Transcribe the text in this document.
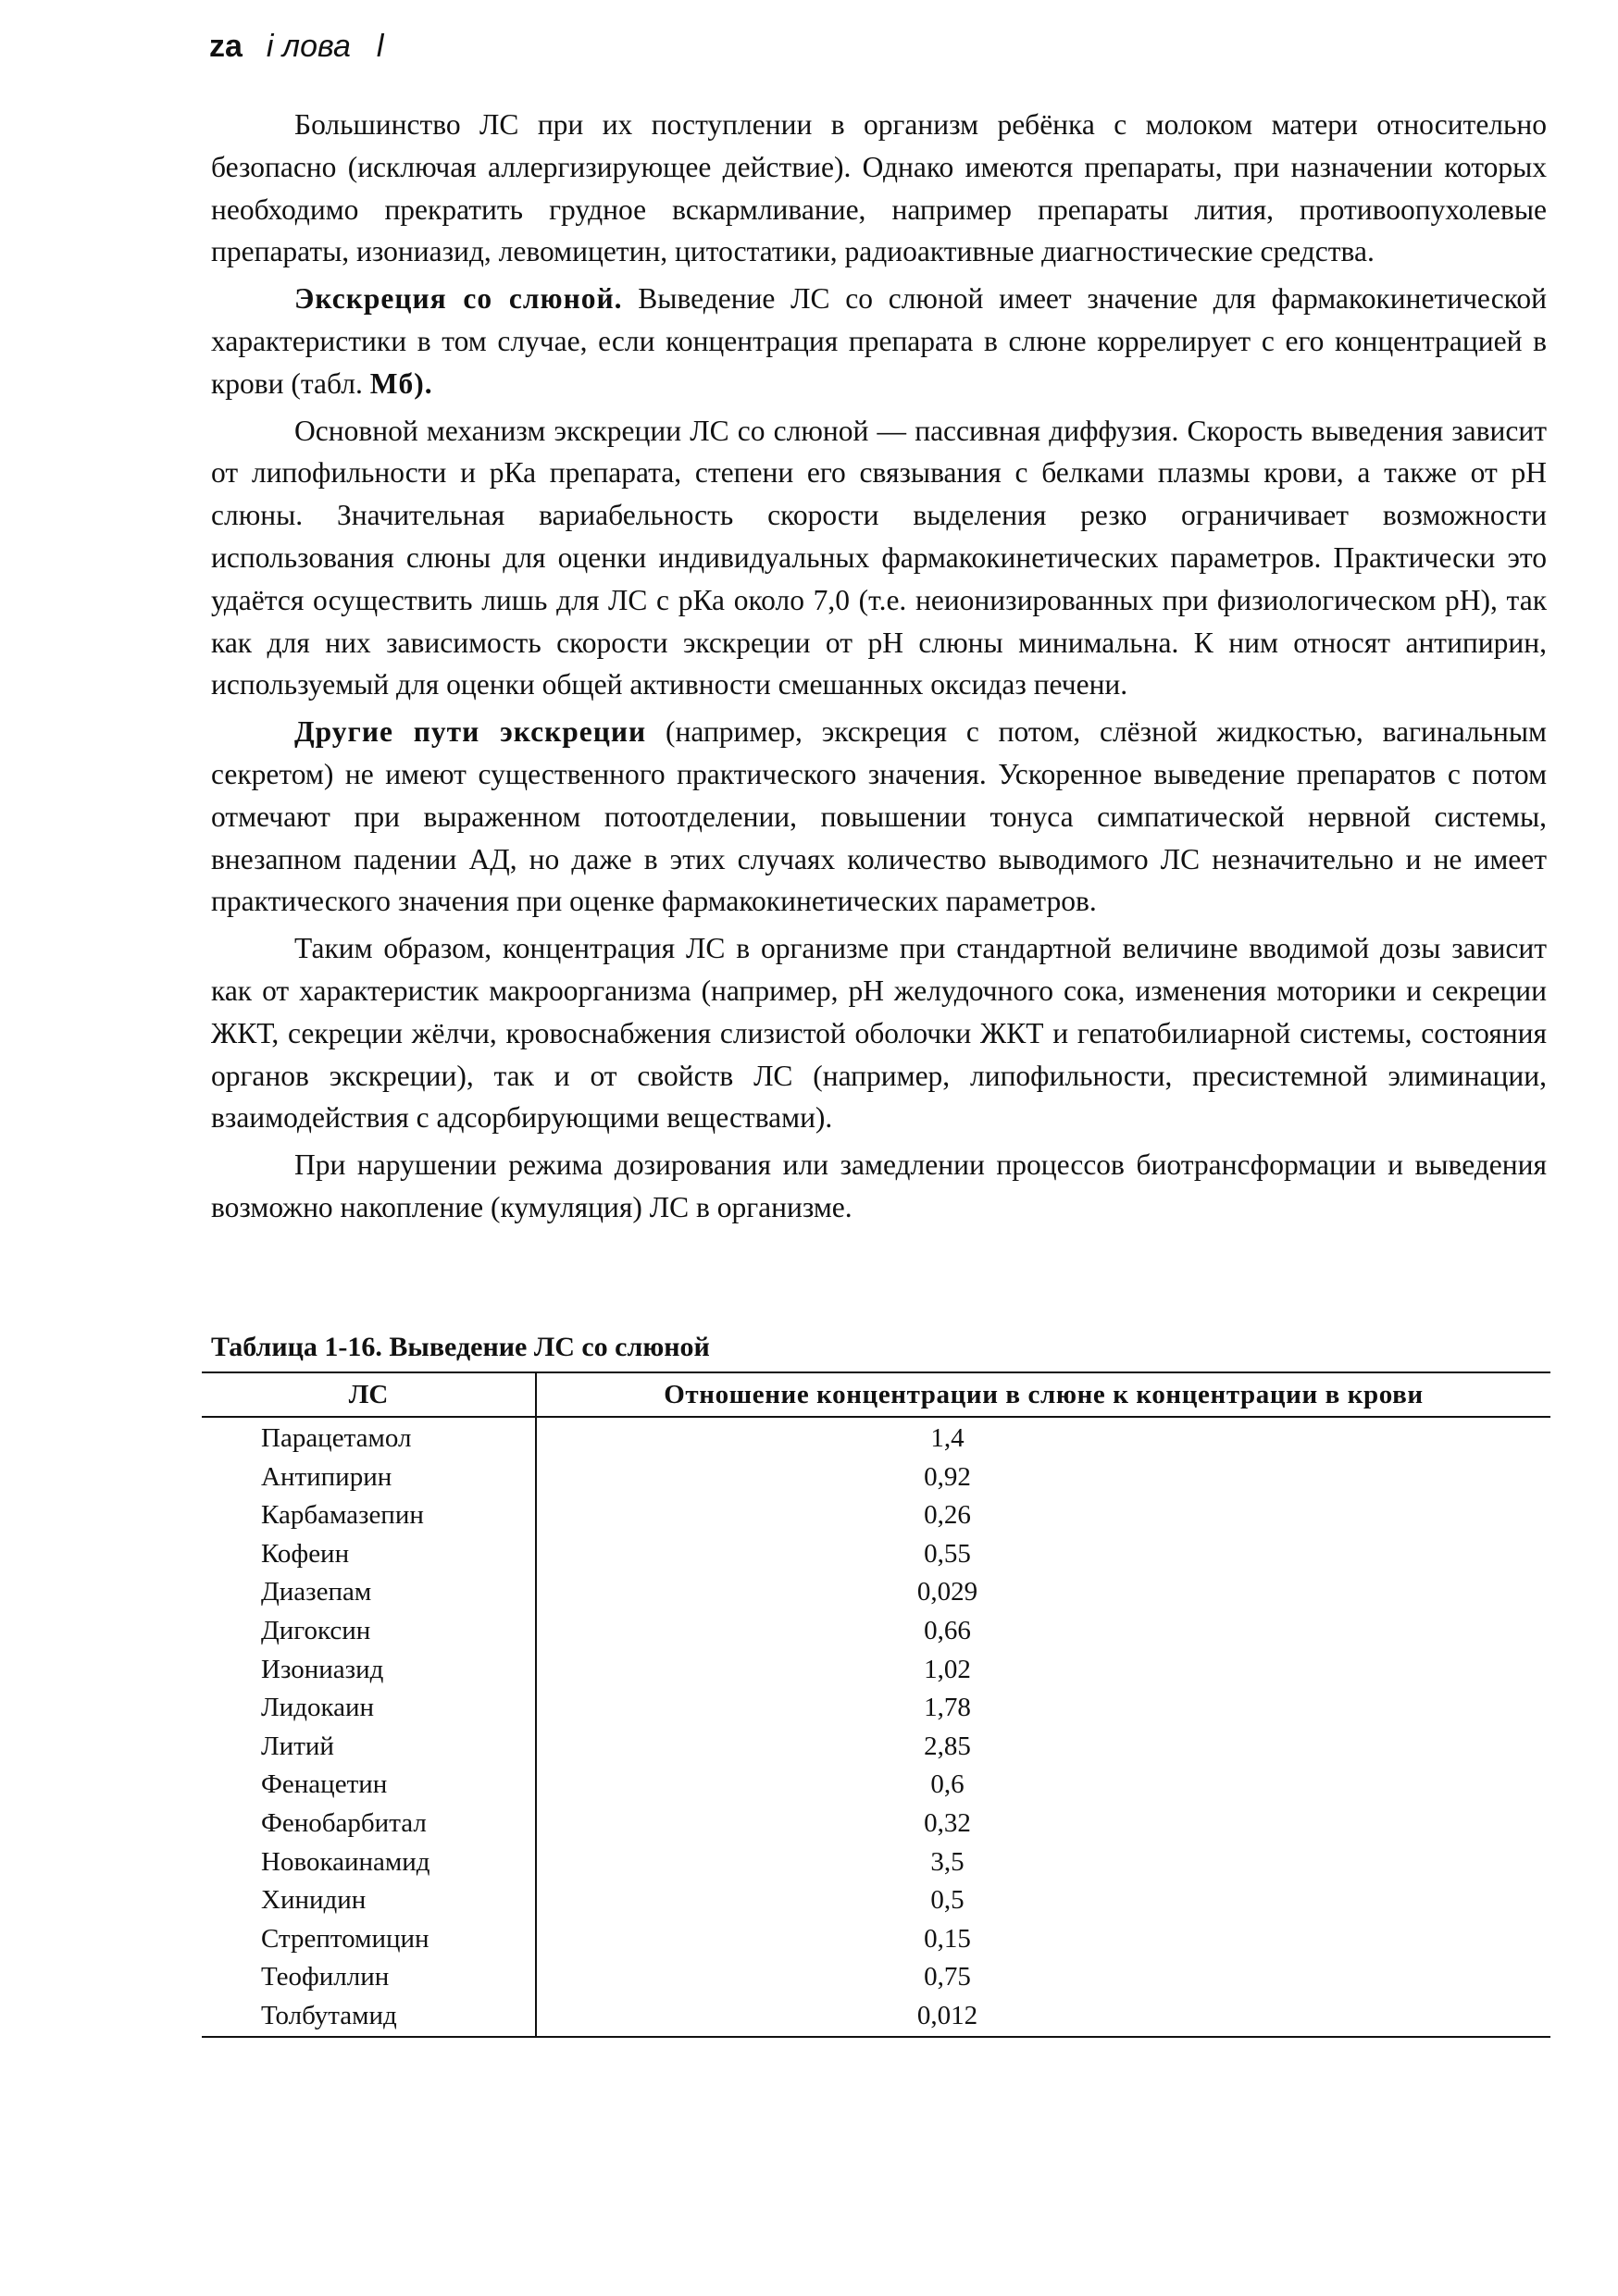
za i лова l

Большинство ЛС при их поступлении в организм ребёнка с молоком матери относительно безопасно (исключая аллергизирующее действие). Однако имеются препараты, при назначении которых необходимо прекратить грудное вскармливание, например препараты лития, противоопухолевые препараты, изониазид, левомицетин, цитостатики, радиоактивные диагностические средства.

Экскреция со слюной. Выведение ЛС со слюной имеет значение для фармакокинетической характеристики в том случае, если концентрация препарата в слюне коррелирует с его концентрацией в крови (табл. Мб).

Основной механизм экскреции ЛС со слюной — пассивная диффузия. Скорость выведения зависит от липофильности и рКа препарата, степени его связывания с белками плазмы крови, а также от рН слюны. Значительная вариабельность скорости выделения резко ограничивает возможности использования слюны для оценки индивидуальных фармакокинетических параметров. Практически это удаётся осуществить лишь для ЛС с рКа около 7,0 (т.е. неионизированных при физиологическом рН), так как для них зависимость скорости экскреции от рН слюны минимальна. К ним относят антипирин, используемый для оценки общей активности смешанных оксидаз печени.

Другие пути экскреции (например, экскреция с потом, слёзной жидкостью, вагинальным секретом) не имеют существенного практического значения. Ускоренное выведение препаратов с потом отмечают при выраженном потоотделении, повышении тонуса симпатической нервной системы, внезапном падении АД, но даже в этих случаях количество выводимого ЛС незначительно и не имеет практического значения при оценке фармакокинетических параметров.

Таким образом, концентрация ЛС в организме при стандартной величине вводимой дозы зависит как от характеристик макроорганизма (например, рН желудочного сока, изменения моторики и секреции ЖКТ, секреции жёлчи, кровоснабжения слизистой оболочки ЖКТ и гепатобилиарной системы, состояния органов экскреции), так и от свойств ЛС (например, липофильности, пресистемной элиминации, взаимодействия с адсорбирующими веществами).

При нарушении режима дозирования или замедлении процессов биотрансформации и выведения возможно накопление (кумуляция) ЛС в организме.

Таблица 1-16. Выведение ЛС со слюной
ЛС	Отношение концентрации в слюне к концентрации в крови
Парацетамол	1,4
Антипирин	0,92
Карбамазепин	0,26
Кофеин	0,55
Диазепам	0,029
Дигоксин	0,66
Изониазид	1,02
Лидокаин	1,78
Литий	2,85
Фенацетин	0,6
Фенобарбитал	0,32
Новокаинамид	3,5
Хинидин	0,5
Стрептомицин	0,15
Теофиллин	0,75
Толбутамид	0,012
